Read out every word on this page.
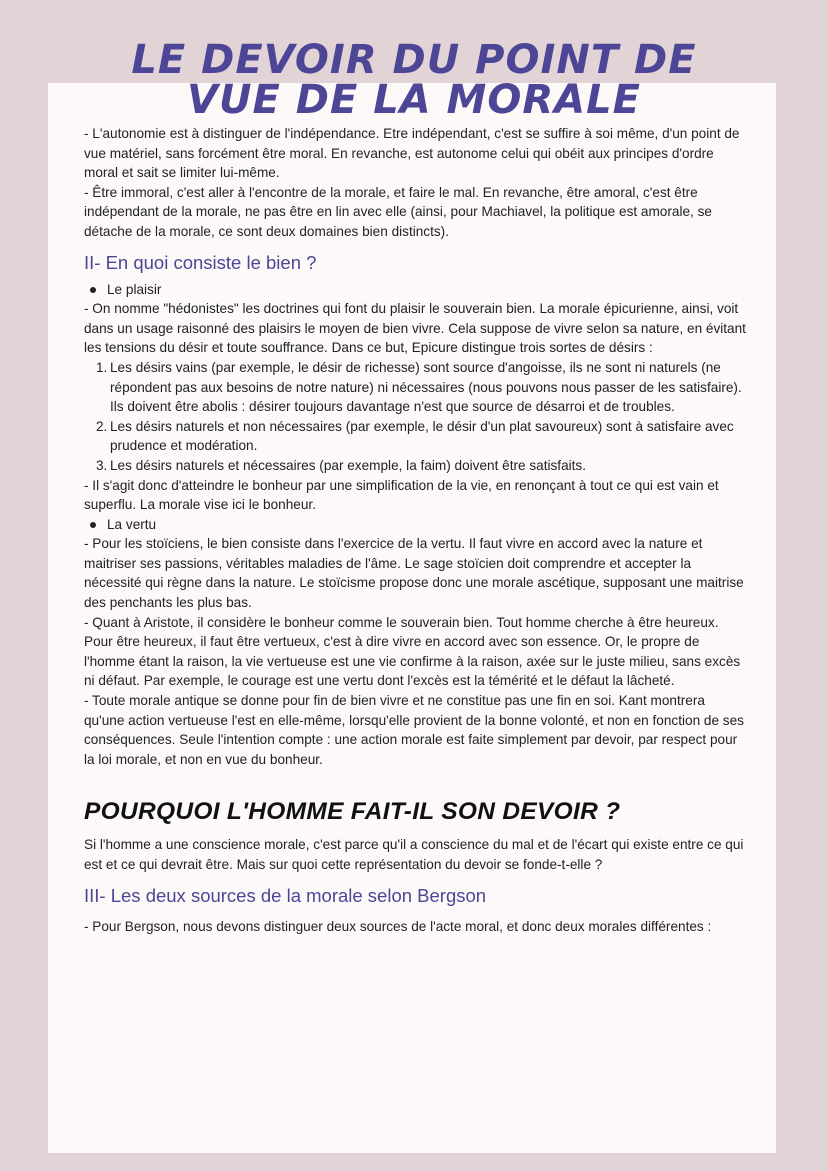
LE DEVOIR DU POINT DE
VUE DE LA MORALE

- L'autonomie est à distinguer de l'indépendance. Etre indépendant, c'est se suffire à soi même, d'un point de vue matériel, sans forcément être moral. En revanche, est autonome celui qui obéit aux principes d'ordre moral et sait se limiter lui-même.

- Être immoral, c'est aller à l'encontre de la morale, et faire le mal. En revanche, être amoral, c'est être indépendant de la morale, ne pas être en lin avec elle (ainsi, pour Machiavel, la politique est amorale, se détache de la morale, ce sont deux domaines bien distincts).

II- En quoi consiste le bien ?

Le plaisir

- On nomme "hédonistes" les doctrines qui font du plaisir le souverain bien. La morale épicurienne, ainsi, voit dans un usage raisonné des plaisirs le moyen de bien vivre. Cela suppose de vivre selon sa nature, en évitant les tensions du désir et toute souffrance. Dans ce but, Epicure distingue trois sortes de désirs :

1. Les désirs vains (par exemple, le désir de richesse) sont source d'angoisse, ils ne sont ni naturels (ne répondent pas aux besoins de notre nature) ni nécessaires (nous pouvons nous passer de les satisfaire). Ils doivent être abolis : désirer toujours davantage n'est que source de désarroi et de troubles.

2. Les désirs naturels et non nécessaires (par exemple, le désir d'un plat savoureux) sont à satisfaire avec prudence et modération.

3. Les désirs naturels et nécessaires (par exemple, la faim) doivent être satisfaits.

- Il s'agit donc d'atteindre le bonheur par une simplification de la vie, en renonçant à tout ce qui est vain et superflu. La morale vise ici le bonheur.

La vertu

- Pour les stoïciens, le bien consiste dans l'exercice de la vertu. Il faut vivre en accord avec la nature et maitriser ses passions, véritables maladies de l'âme. Le sage stoïcien doit comprendre et accepter la nécessité qui règne dans la nature. Le stoïcisme propose donc une morale ascétique, supposant une maitrise des penchants les plus bas.

- Quant à Aristote, il considère le bonheur comme le souverain bien. Tout homme cherche à être heureux. Pour être heureux, il faut être vertueux, c'est à dire vivre en accord avec son essence. Or, le propre de l'homme étant la raison, la vie vertueuse est une vie confirme à la raison, axée sur le juste milieu, sans excès ni défaut. Par exemple, le courage est une vertu dont l'excès est la témérité et le défaut la lâcheté.

- Toute morale antique se donne pour fin de bien vivre et ne constitue pas une fin en soi. Kant montrera qu'une action vertueuse l'est en elle-même, lorsqu'elle provient de la bonne volonté, et non en fonction de ses conséquences. Seule l'intention compte : une action morale est faite simplement par devoir, par respect pour la loi morale, et non en vue du bonheur.

POURQUOI L'HOMME FAIT-IL SON DEVOIR ?

Si l'homme a une conscience morale, c'est parce qu'il a conscience du mal et de l'écart qui existe entre ce qui est et ce qui devrait être. Mais sur quoi cette représentation du devoir se fonde-t-elle ?

III- Les deux sources de la morale selon Bergson

- Pour Bergson, nous devons distinguer deux sources de l'acte moral, et donc deux morales différentes :
